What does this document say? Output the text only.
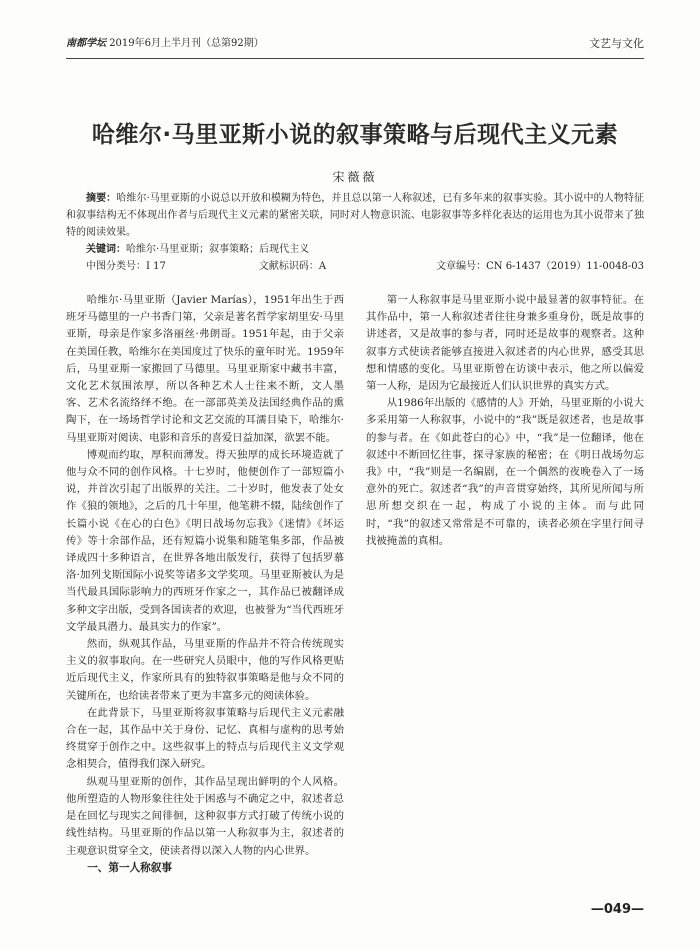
南都学坛 2019年6月上半月刊（总第92期）	文艺与文化
哈维尔·马里亚斯小说的叙事策略与后现代主义元素
宋薇薇

摘要：哈维尔·马里亚斯的小说总以开放和模糊为特色，并且总以第一人称叙述，已有多年来的叙事实验。其小说中的人物特征和叙事结构无不体现出作者与后现代主义元素的紧密关联，同时对人物意识流、电影叙事等多样化表达的运用也为其小说带来了独特的阅读效果。

关键词：哈维尔·马里亚斯；叙事策略；后现代主义

中图分类号： I 17	文献标识码： A	文章编号： CN 6-1437（2019）11-0048-03

哈维尔·马里亚斯（Javier Marías），1951年出生于西班牙马德里的一户书香门第，父亲是著名哲学家胡里安·马里亚斯，母亲是作家多洛丽丝·弗朗哥。1951年起，由于父亲在美国任教，哈维尔在美国度过了快乐的童年时光。1959年后，马里亚斯一家搬回了马德里。马里亚斯家中藏书丰富，文化艺术氛围浓厚，所以各种艺术人士往来不断，文人墨客、艺术名流络绎不绝。在一部部英美及法国经典作品的熏陶下，在一场场哲学讨论和文艺交流的耳濡目染下，哈维尔·马里亚斯对阅读、电影和音乐的喜爱日益加深，欲罢不能。

博观而约取，厚积而薄发。得天独厚的成长环境造就了他与众不同的创作风格。十七岁时，他便创作了一部短篇小说，并首次引起了出版界的关注。二十岁时，他发表了处女作《狼的领地》，之后的几十年里，他笔耕不辍，陆续创作了长篇小说《在心的白色》《明日战场勿忘我》《迷情》《坏运传》等十余部作品，还有短篇小说集和随笔集多部，作品被译成四十多种语言，在世界各地出版发行，获得了包括罗慕洛·加列戈斯国际小说奖等诸多文学奖项。马里亚斯被认为是当代最具国际影响力的西班牙作家之一，其作品已被翻译成多种文字出版，受到各国读者的欢迎，也被誉为“当代西班牙文学最具潜力、最具实力的作家”。

然而，纵观其作品，马里亚斯的作品并不符合传统现实主义的叙事取向。在一些研究人员眼中，他的写作风格更贴近后现代主义，作家所具有的独特叙事策略是他与众不同的关键所在，也给读者带来了更为丰富多元的阅读体验。

在此背景下，马里亚斯将叙事策略与后现代主义元素融合在一起，其作品中关于身份、记忆、真相与虚构的思考始终贯穿于创作之中。这些叙事上的特点与后现代主义文学观念相契合，值得我们深入研究。

纵观马里亚斯的创作，其作品呈现出鲜明的个人风格。他所塑造的人物形象往往处于困惑与不确定之中，叙述者总是在回忆与现实之间徘徊，这种叙事方式打破了传统小说的线性结构。马里亚斯的作品以第一人称叙事为主，叙述者的主观意识贯穿全文，使读者得以深入人物的内心世界。

一、第一人称叙事

第一人称叙事是马里亚斯小说中最显著的叙事特征。在其作品中，第一人称叙述者往往身兼多重身份，既是故事的讲述者，又是故事的参与者，同时还是故事的观察者。这种叙事方式使读者能够直接进入叙述者的内心世界，感受其思想和情感的变化。马里亚斯曾在访谈中表示，他之所以偏爱第一人称，是因为它最接近人们认识世界的真实方式。

从1986年出版的《感情的人》开始，马里亚斯的小说大多采用第一人称叙事，小说中的“我”既是叙述者，也是故事的参与者。在《如此苍白的心》中，“我”是一位翻译，他在叙述中不断回忆往事，探寻家族的秘密；在《明日战场勿忘我》中，“我”则是一名编剧，在一个偶然的夜晚卷入了一场意外的死亡。叙述者“我”的声音贯穿始终，其所见所闻与所思所想交织在一起，构成了小说的主体。而与此同时，“我”的叙述又常常是不可靠的，读者必须在字里行间寻找被掩盖的真相。

—049—
